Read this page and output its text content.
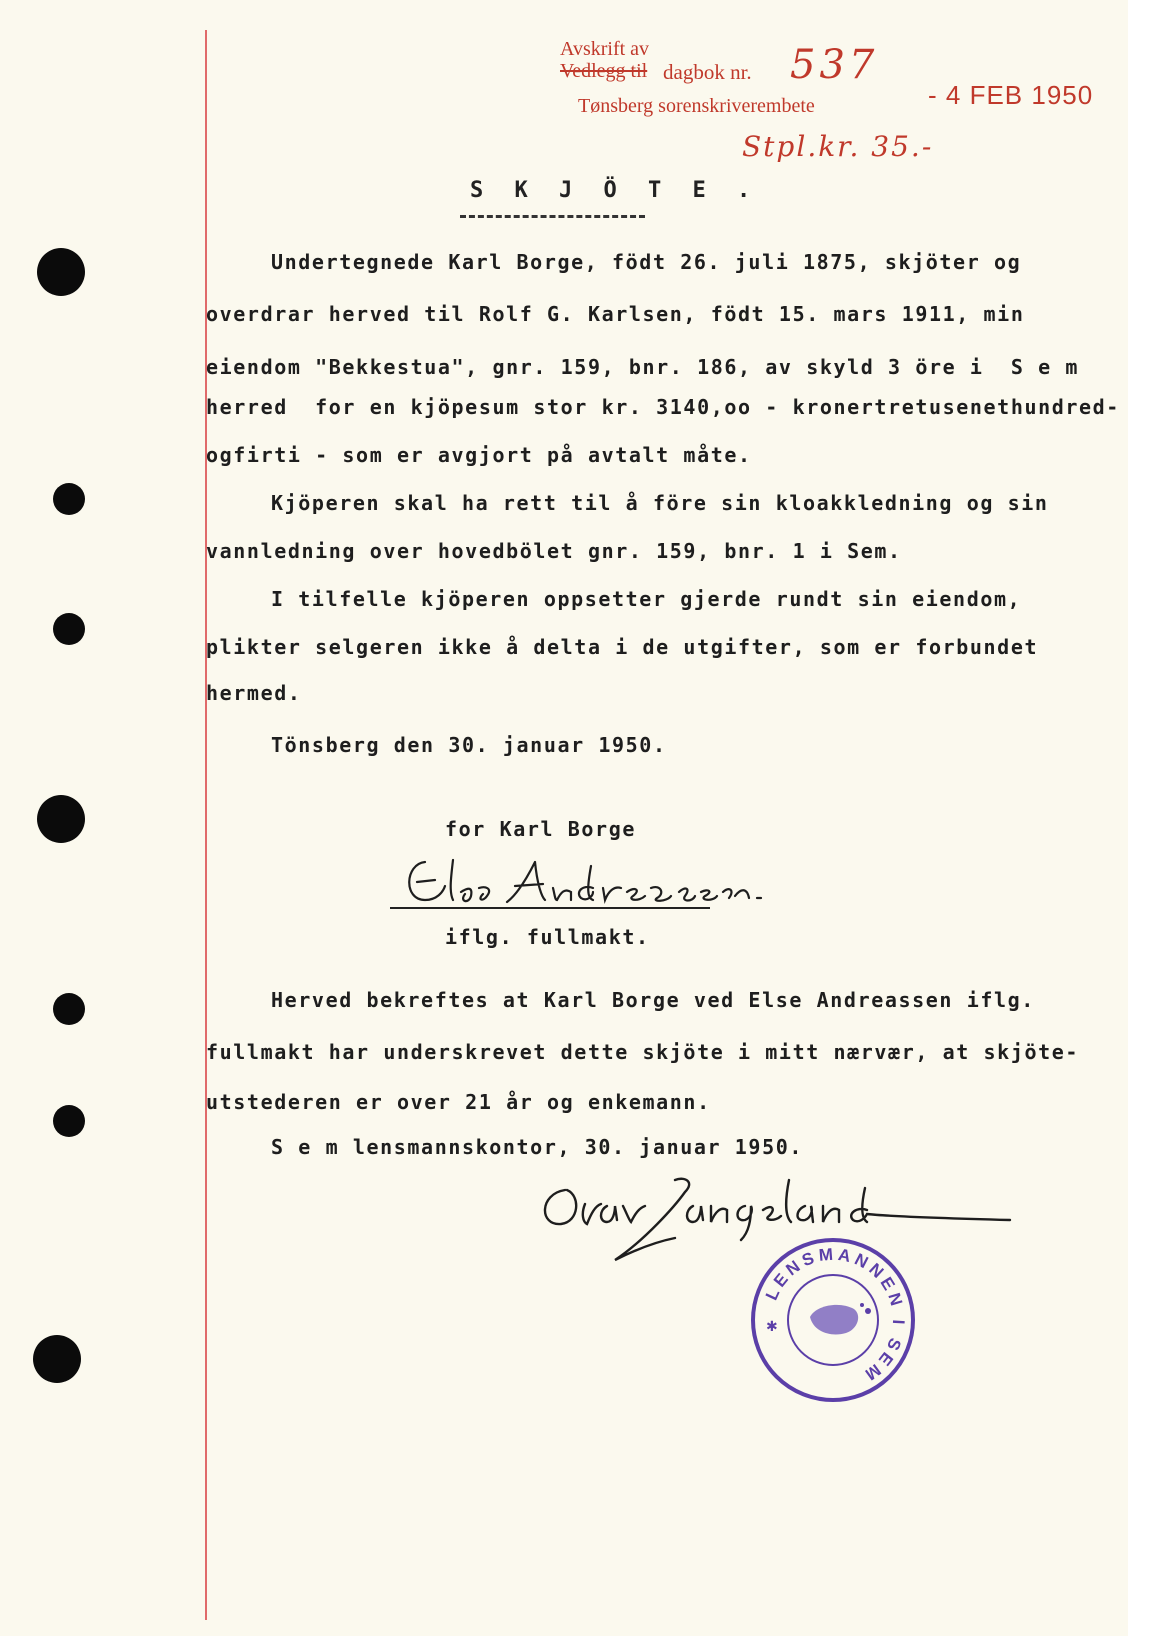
Avskrift av
Vedlegg til dagbok nr.
Tønsberg sorenskriverembete
537
- 4 FEB 1950
Stpl.kr. 35.-
S K J Ö T E .
Undertegnede Karl Borge, födt 26. juli 1875, skjöter og
overdrar herved til Rolf G. Karlsen, födt 15. mars 1911, min
eiendom "Bekkestua", gnr. 159, bnr. 186, av skyld 3 öre i  S e m
herred  for en kjöpesum stor kr. 3140,oo - kronertretusenethundred-
ogfirti - som er avgjort på avtalt måte.
Kjöperen skal ha rett til å före sin kloakkledning og sin
vannledning over hovedbölet gnr. 159, bnr. 1 i Sem.
I tilfelle kjöperen oppsetter gjerde rundt sin eiendom,
plikter selgeren ikke å delta i de utgifter, som er forbundet
hermed.
Tönsberg den 30. januar 1950.
for Karl Borge
iflg. fullmakt.
Herved bekreftes at Karl Borge ved Else Andreassen iflg.
fullmakt har underskrevet dette skjöte i mitt nærvær, at skjöte-
utstederen er over 21 år og enkemann.
S e m lensmannskontor, 30. januar 1950.
LENSMANNEN I SEM
✱
